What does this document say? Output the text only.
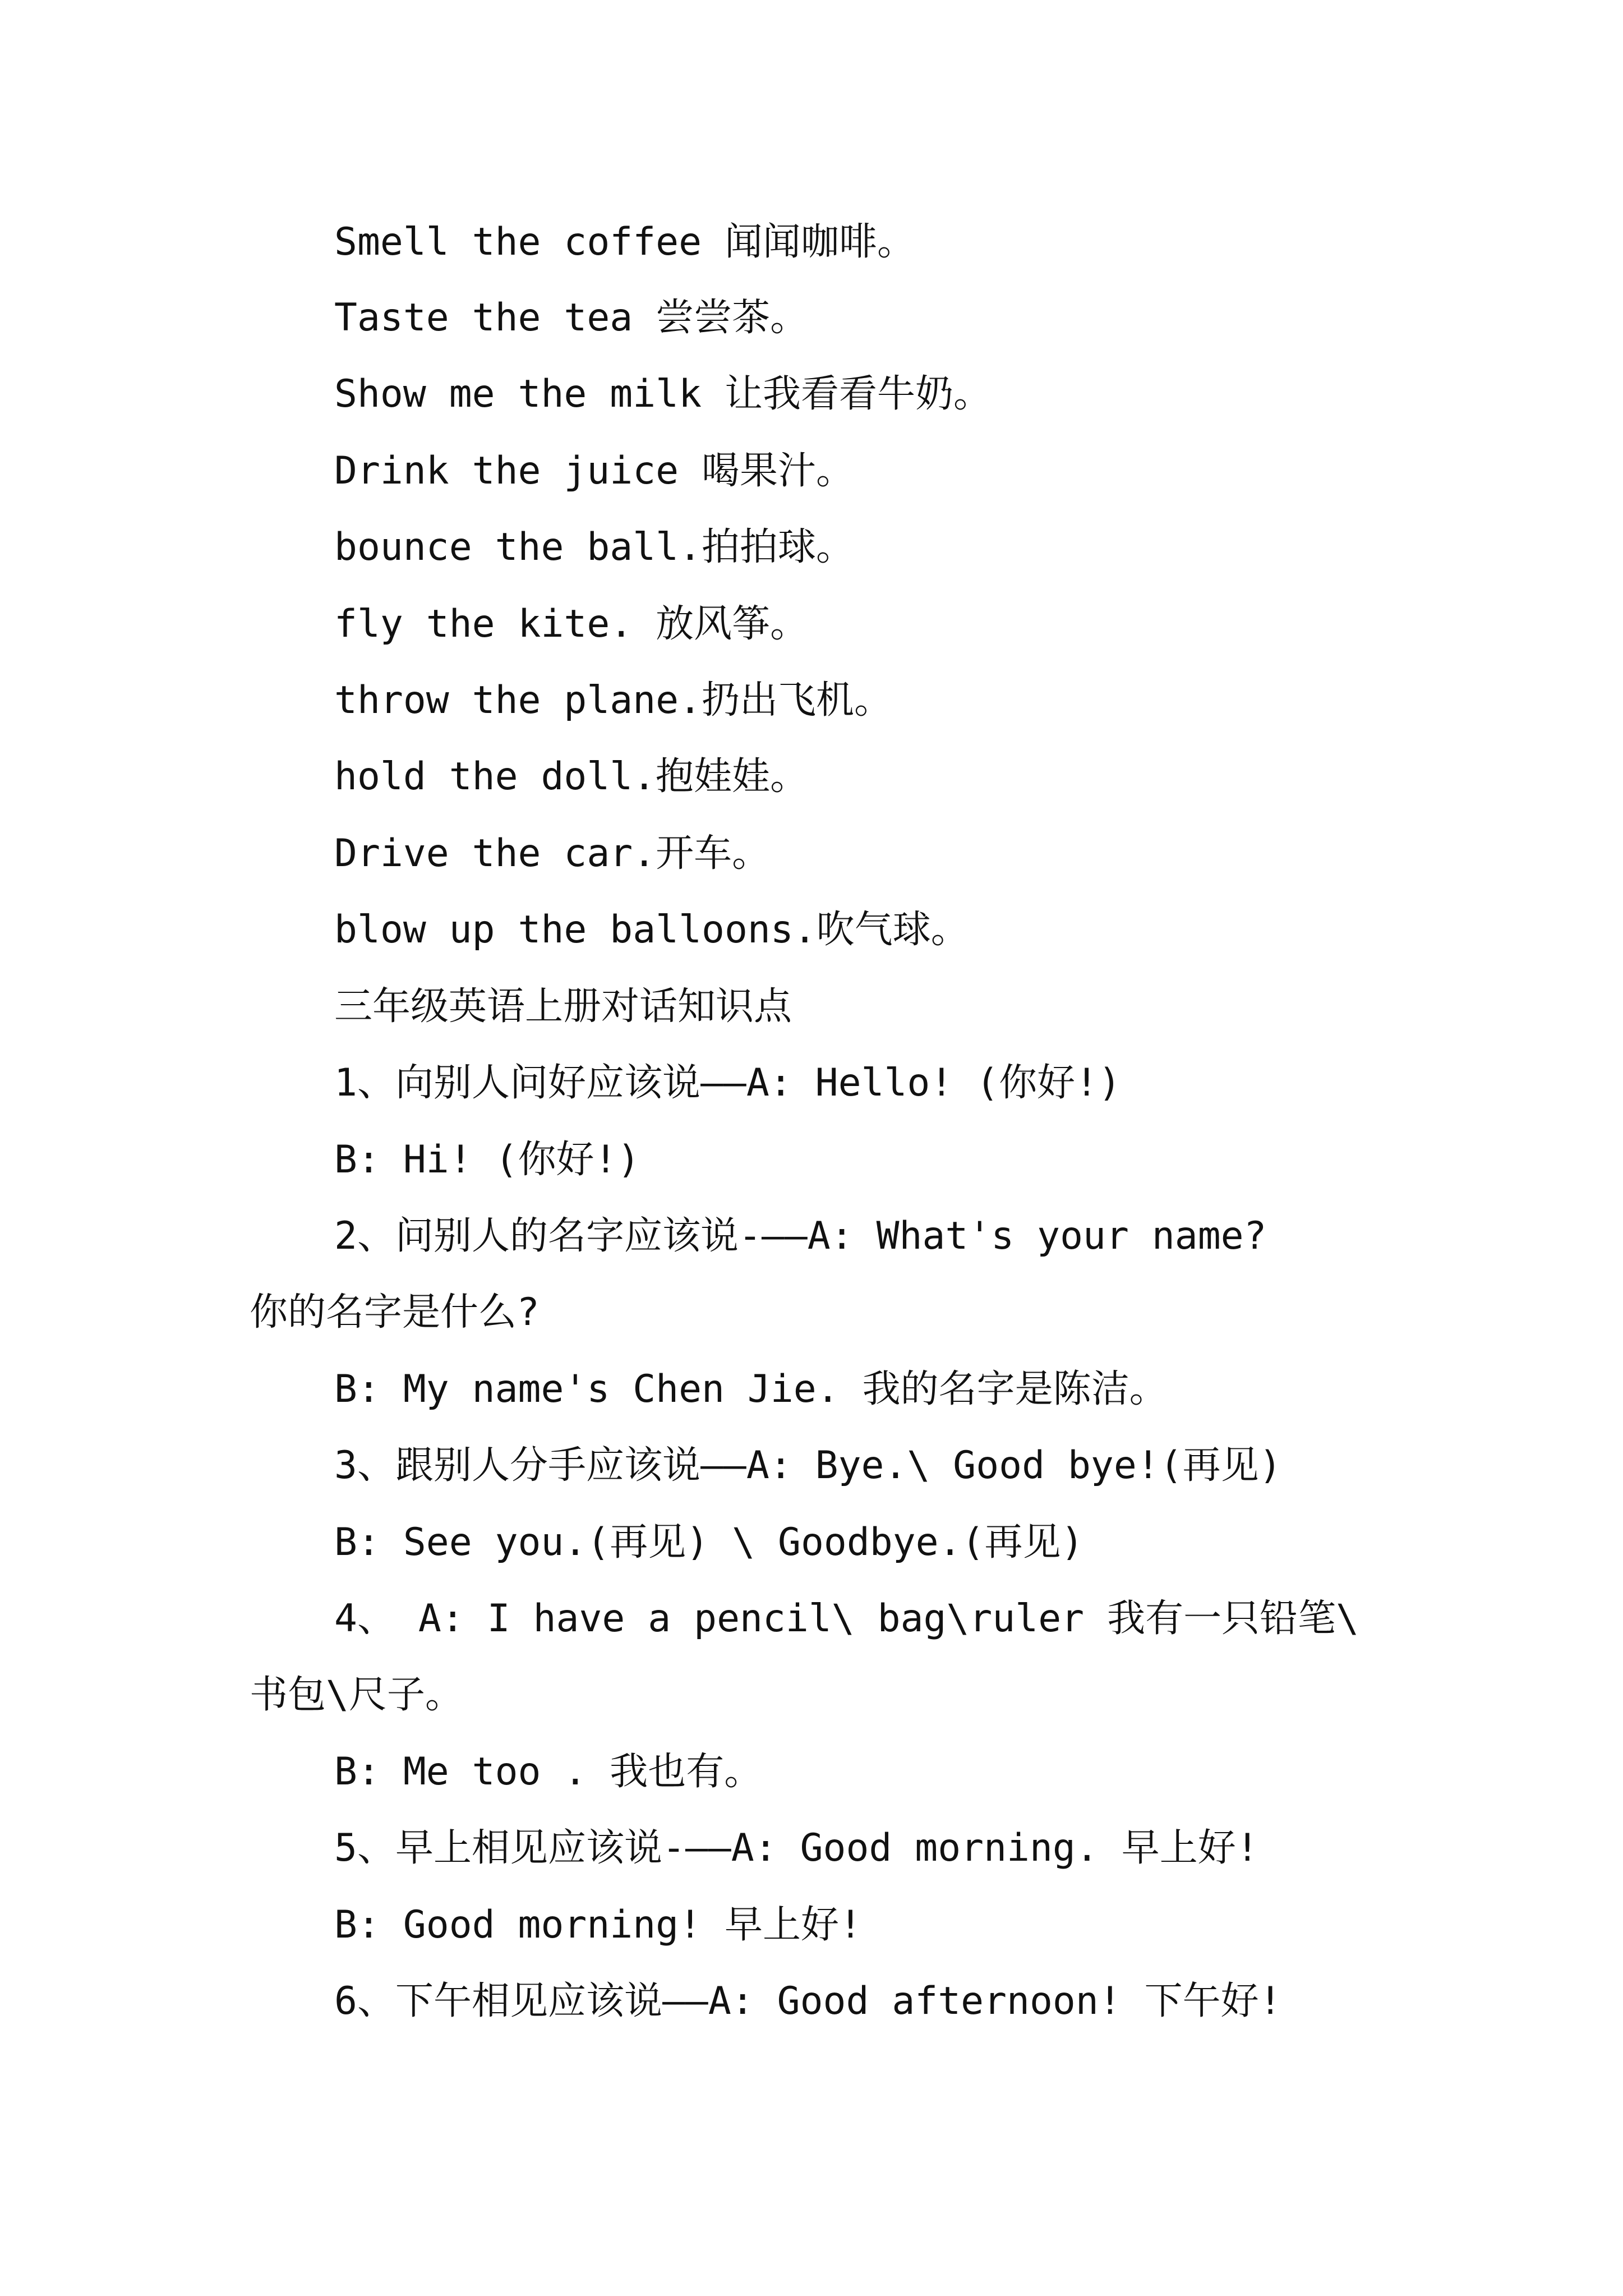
Smell the coffee 闻闻咖啡。
Taste the tea 尝尝茶。
Show me the milk 让我看看牛奶。
Drink the juice 喝果汁。
bounce the ball.拍拍球。
fly the kite. 放风筝。
throw the plane.扔出飞机。
hold the doll.抱娃娃。
Drive the car.开车。
blow up the balloons.吹气球。
三年级英语上册对话知识点
1、向别人问好应该说——A: Hello! (你好!)
B: Hi! (你好!)
2、问别人的名字应该说-——A: What's your name?
你的名字是什么?
B: My name's Chen Jie. 我的名字是陈洁。
3、跟别人分手应该说——A: Bye.\ Good bye!(再见)
B: See you.(再见) \ Goodbye.(再见)
4、 A: I have a pencil\ bag\ruler 我有一只铅笔\
书包\尺子。
B: Me too . 我也有。
5、早上相见应该说-——A: Good morning. 早上好!
B: Good morning! 早上好!
6、下午相见应该说——A: Good afternoon! 下午好!
